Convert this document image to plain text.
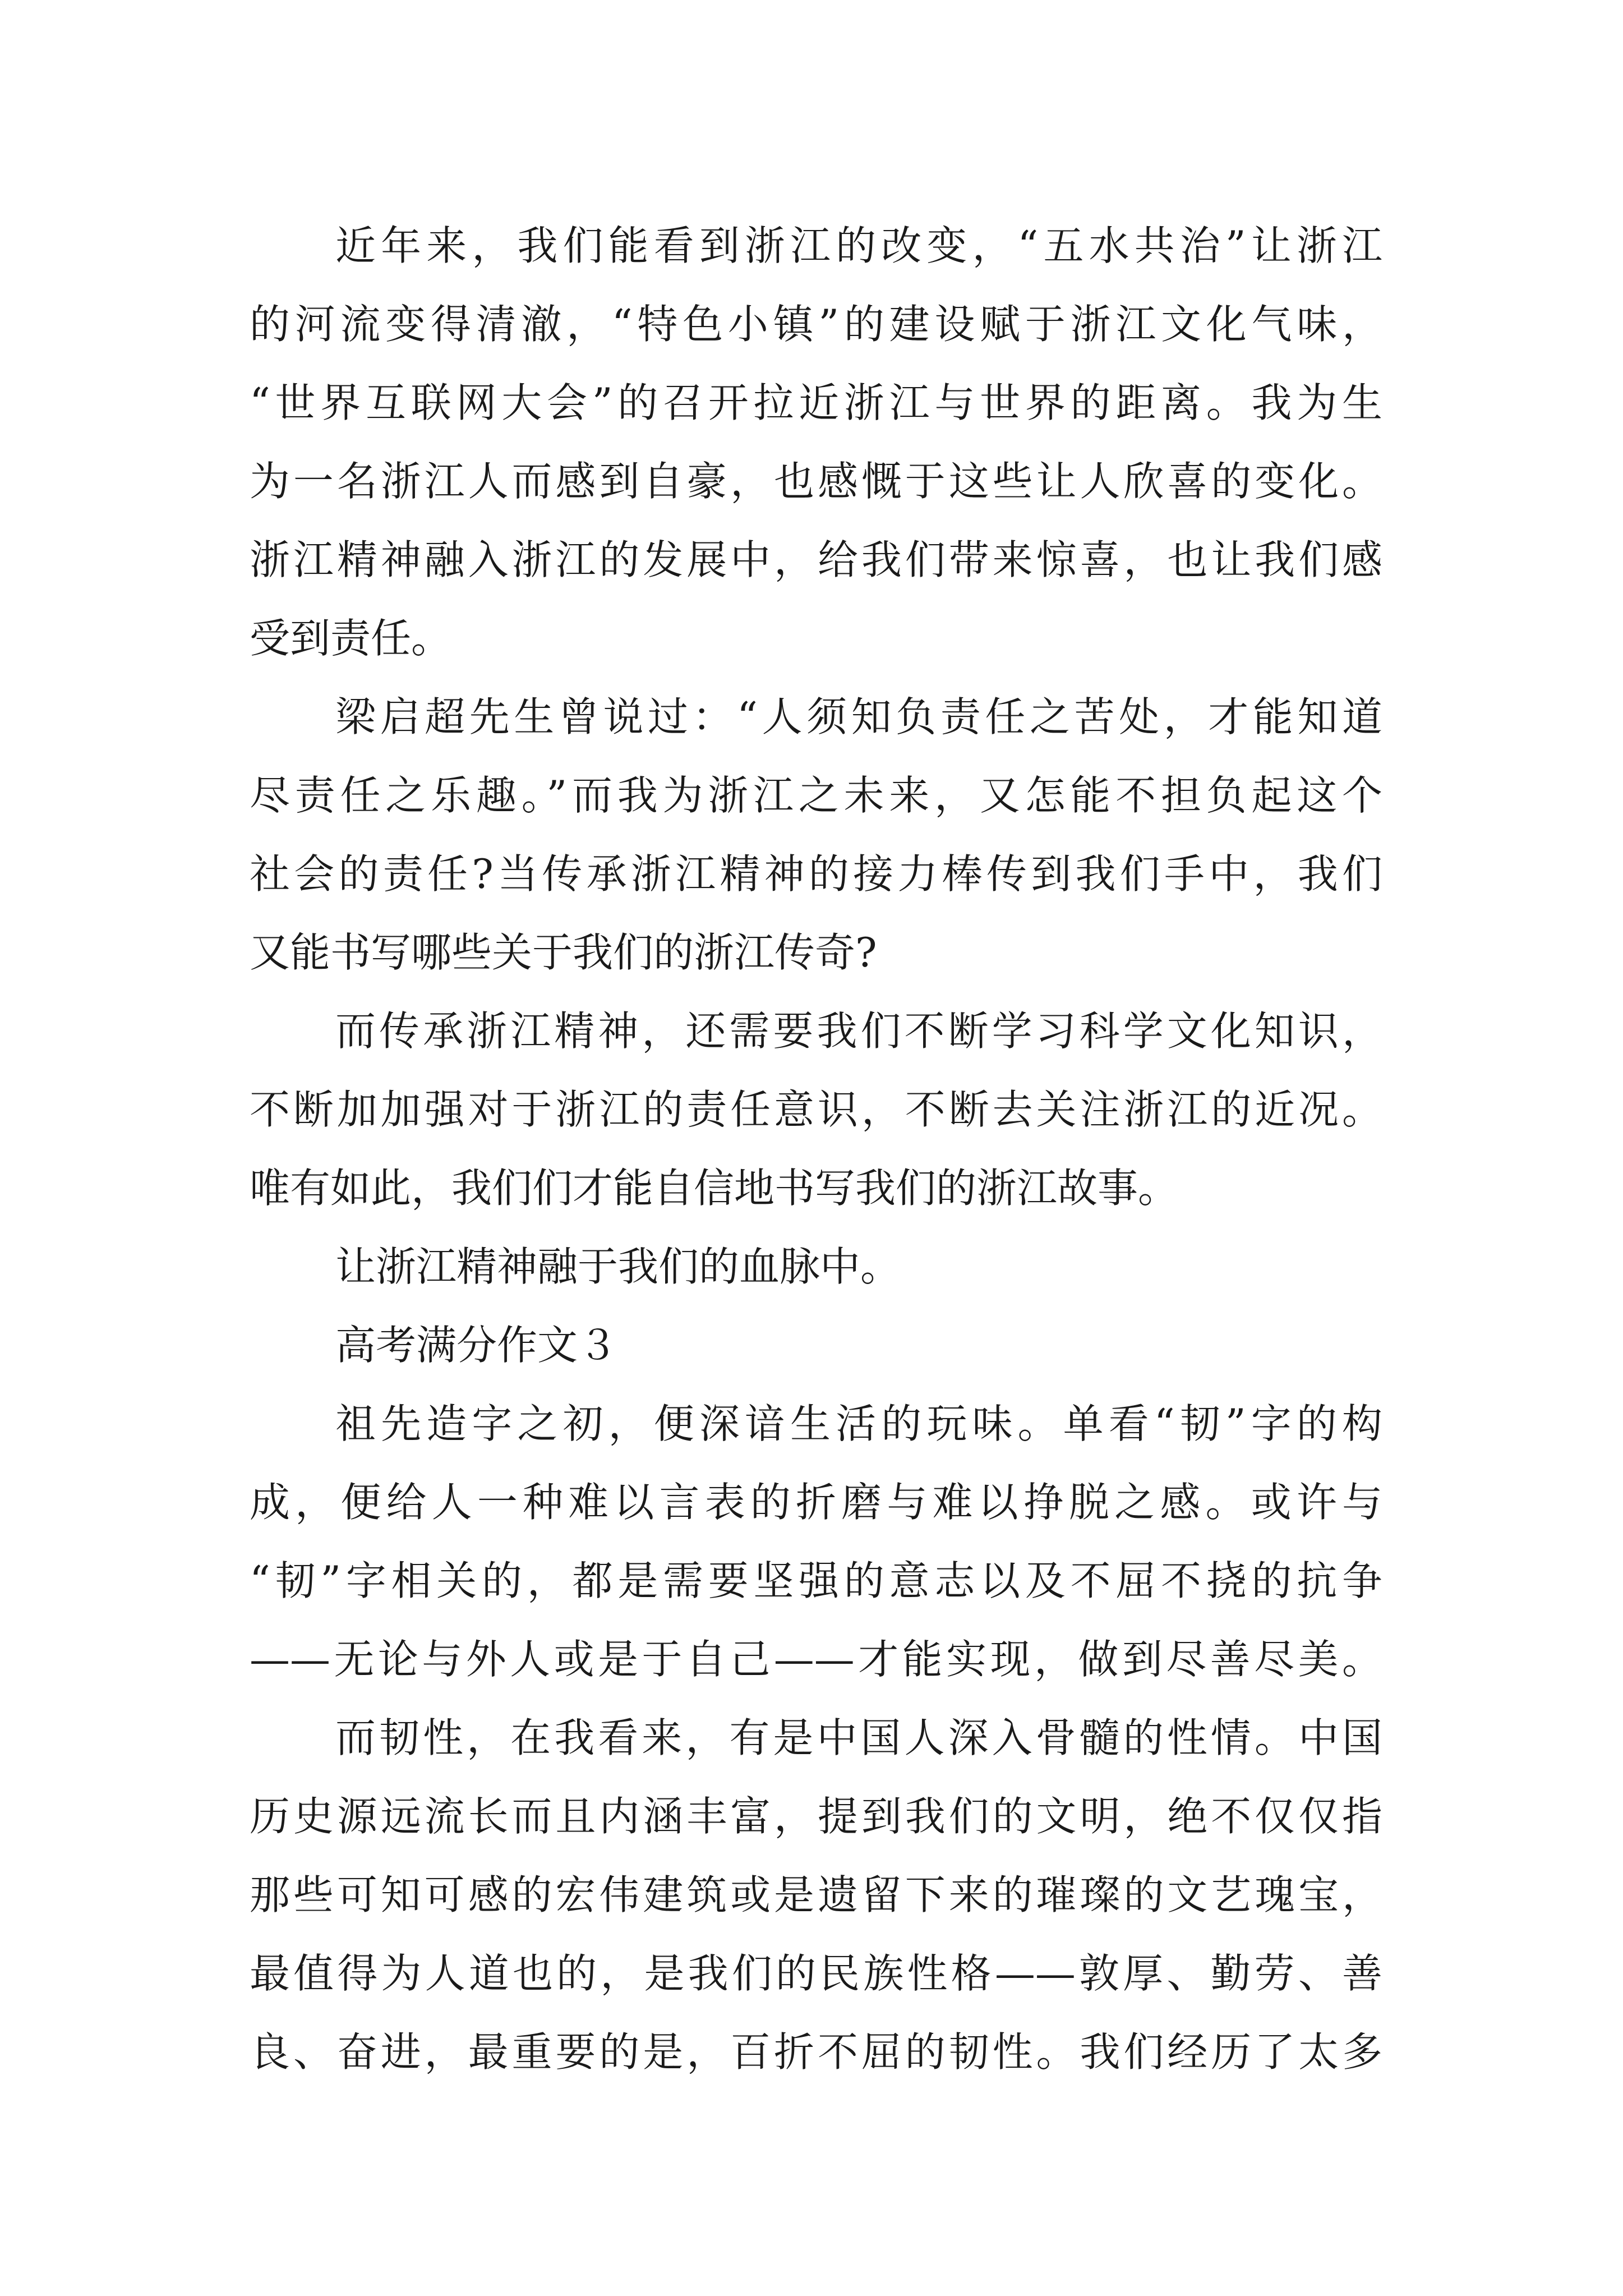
近年来，我们能看到浙江的改变，“五水共治”让浙江
的河流变得清澈，“特色小镇”的建设赋于浙江文化气味，
“世界互联网大会”的召开拉近浙江与世界的距离。我为生
为一名浙江人而感到自豪，也感慨于这些让人欣喜的变化。
浙江精神融入浙江的发展中，给我们带来惊喜，也让我们感
受到责任。
梁启超先生曾说过：“人须知负责任之苦处，才能知道
尽责任之乐趣。”而我为浙江之未来，又怎能不担负起这个
社会的责任?当传承浙江精神的接力棒传到我们手中，我们
又能书写哪些关于我们的浙江传奇?
而传承浙江精神，还需要我们不断学习科学文化知识，
不断加加强对于浙江的责任意识，不断去关注浙江的近况。
唯有如此，我们们才能自信地书写我们的浙江故事。
让浙江精神融于我们的血脉中。
高考满分作文３
祖先造字之初，便深谙生活的玩味。单看“韧”字的构
成，便给人一种难以言表的折磨与难以挣脱之感。或许与
“韧”字相关的，都是需要坚强的意志以及不屈不挠的抗争
——无论与外人或是于自己——才能实现，做到尽善尽美。
而韧性，在我看来，有是中国人深入骨髓的性情。中国
历史源远流长而且内涵丰富，提到我们的文明，绝不仅仅指
那些可知可感的宏伟建筑或是遗留下来的璀璨的文艺瑰宝，
最值得为人道也的，是我们的民族性格——敦厚、勤劳、善
良、奋进，最重要的是，百折不屈的韧性。我们经历了太多
